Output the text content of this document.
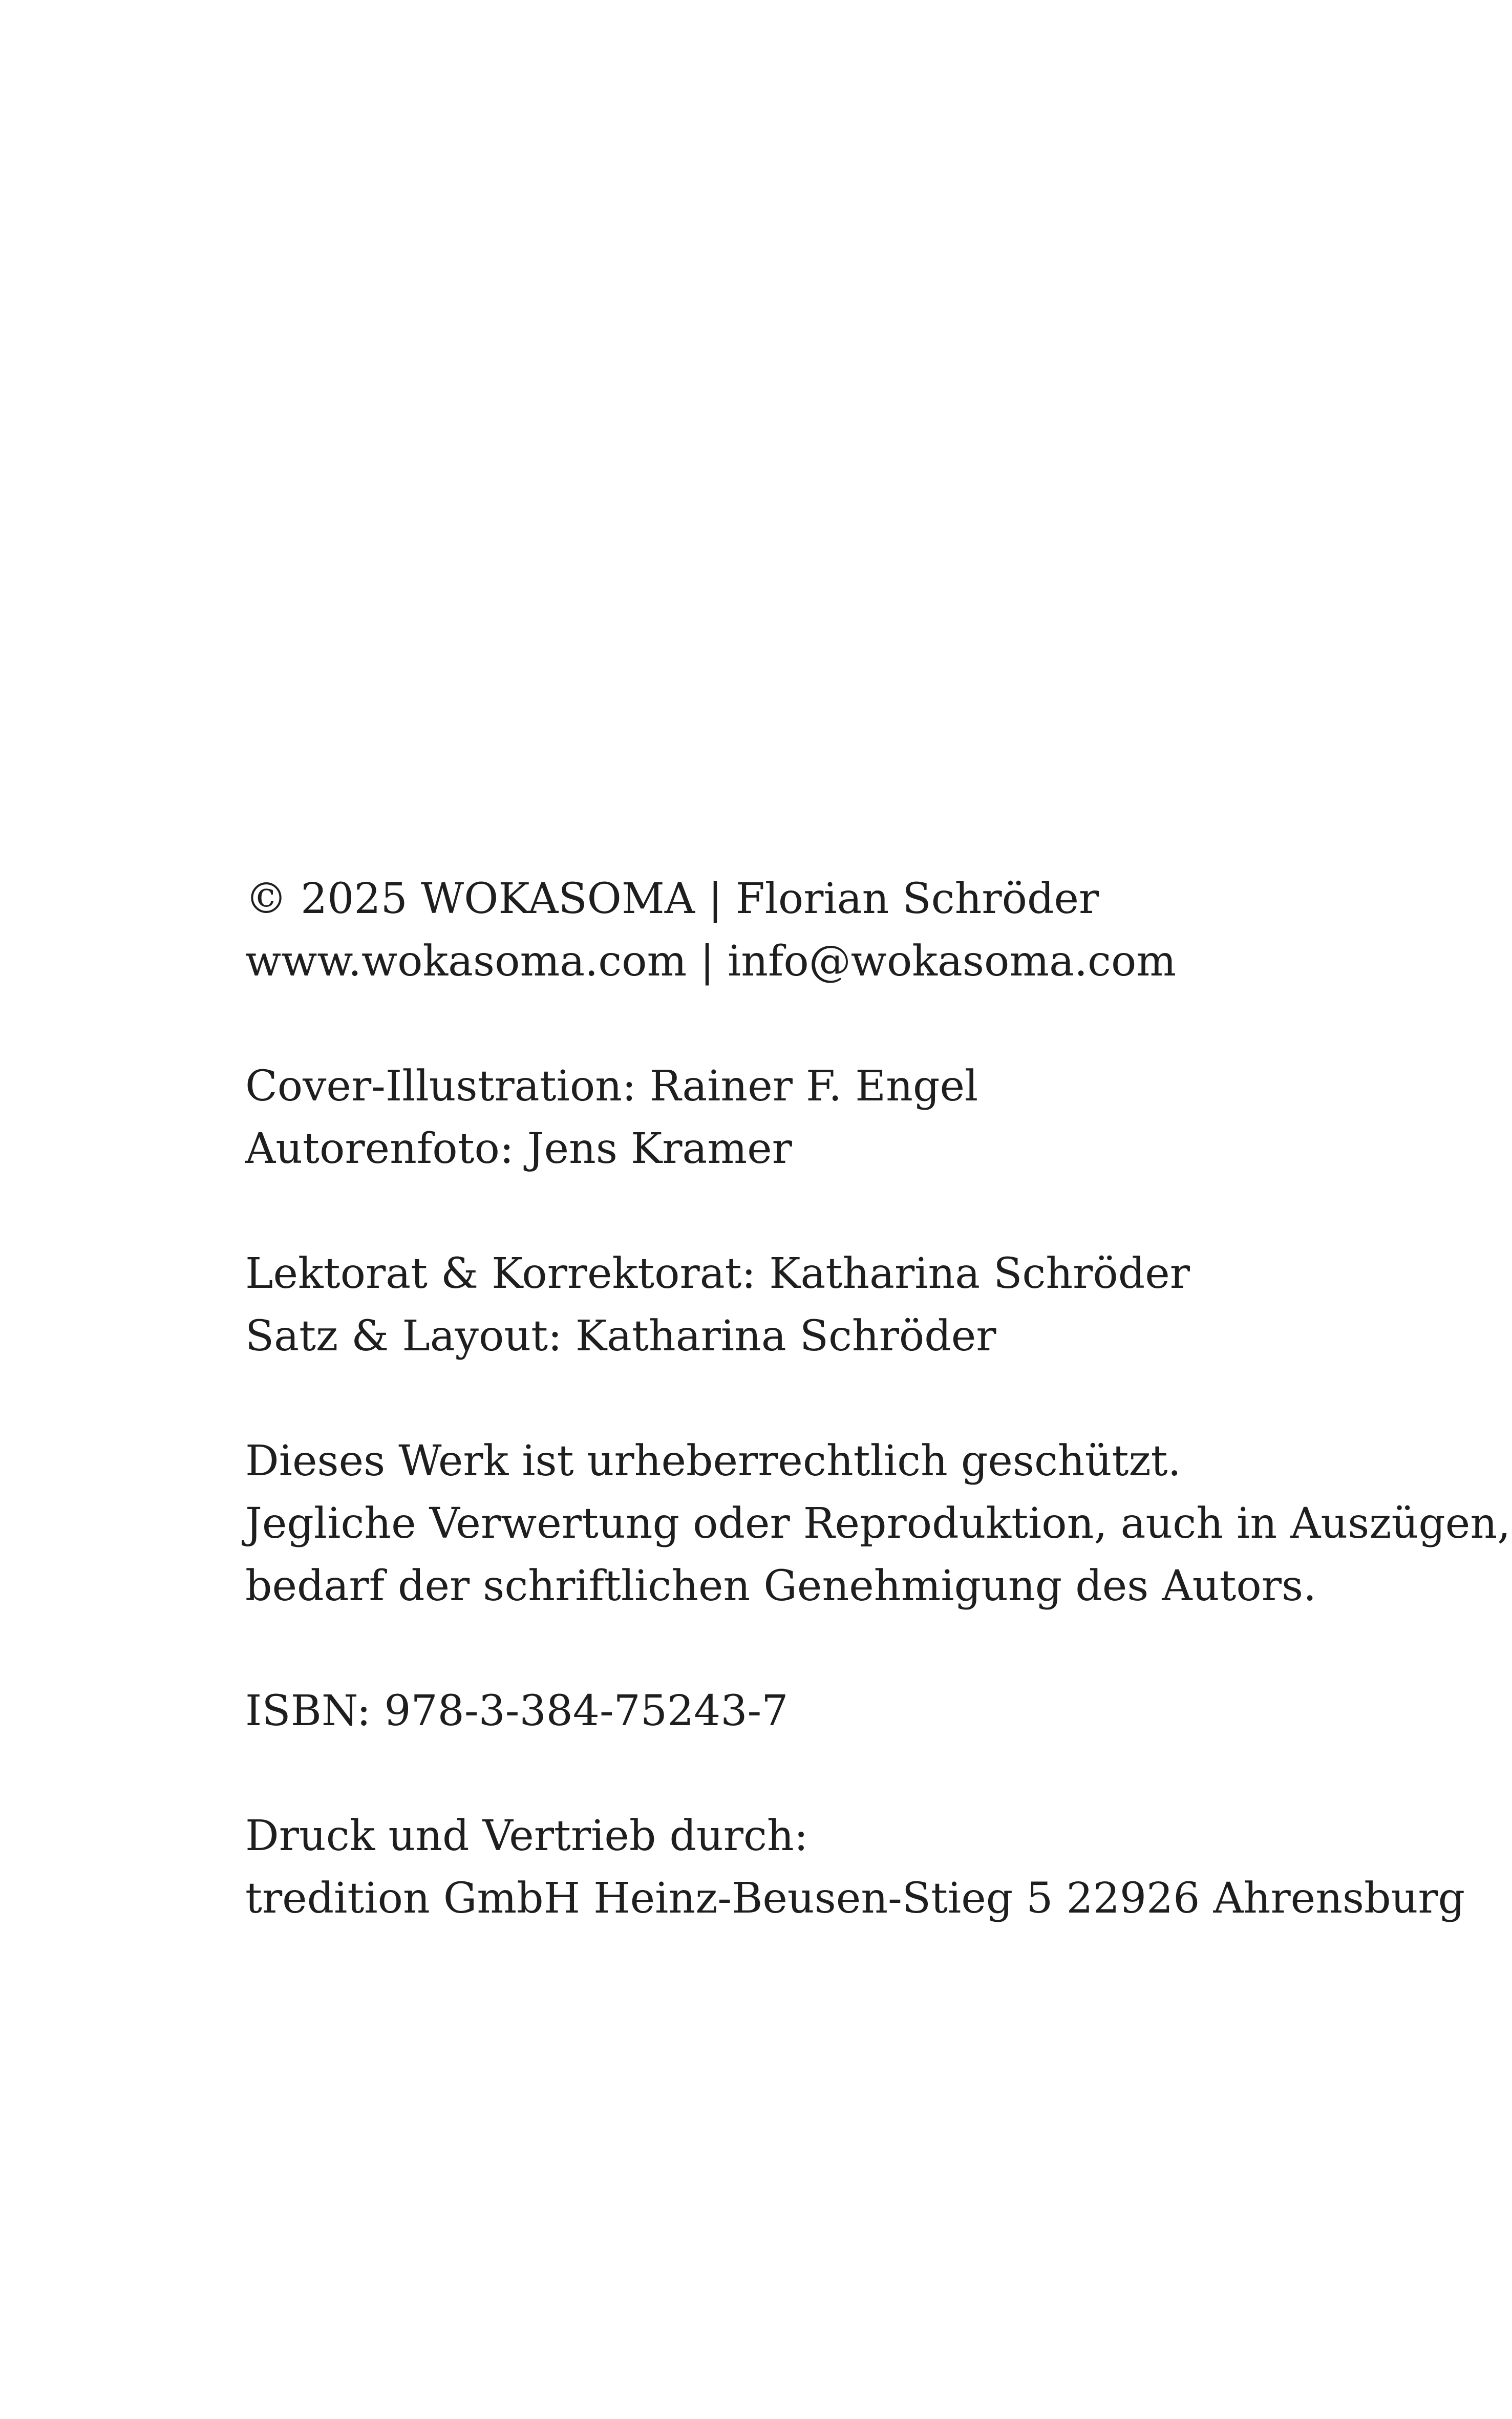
© 2025 WOKASOMA | Florian Schröder
www.wokasoma.com | info@wokasoma.com
Cover-Illustration: Rainer F. Engel
Autorenfoto: Jens Kramer
Lektorat & Korrektorat: Katharina Schröder
Satz & Layout: Katharina Schröder
Dieses Werk ist urheberrechtlich geschützt.
Jegliche Verwertung oder Reproduktion, auch in Auszügen,
bedarf der schriftlichen Genehmigung des Autors.
ISBN: 978-3-384-75243-7
Druck und Vertrieb durch:
tredition GmbH Heinz-Beusen-Stieg 5 22926 Ahrensburg
